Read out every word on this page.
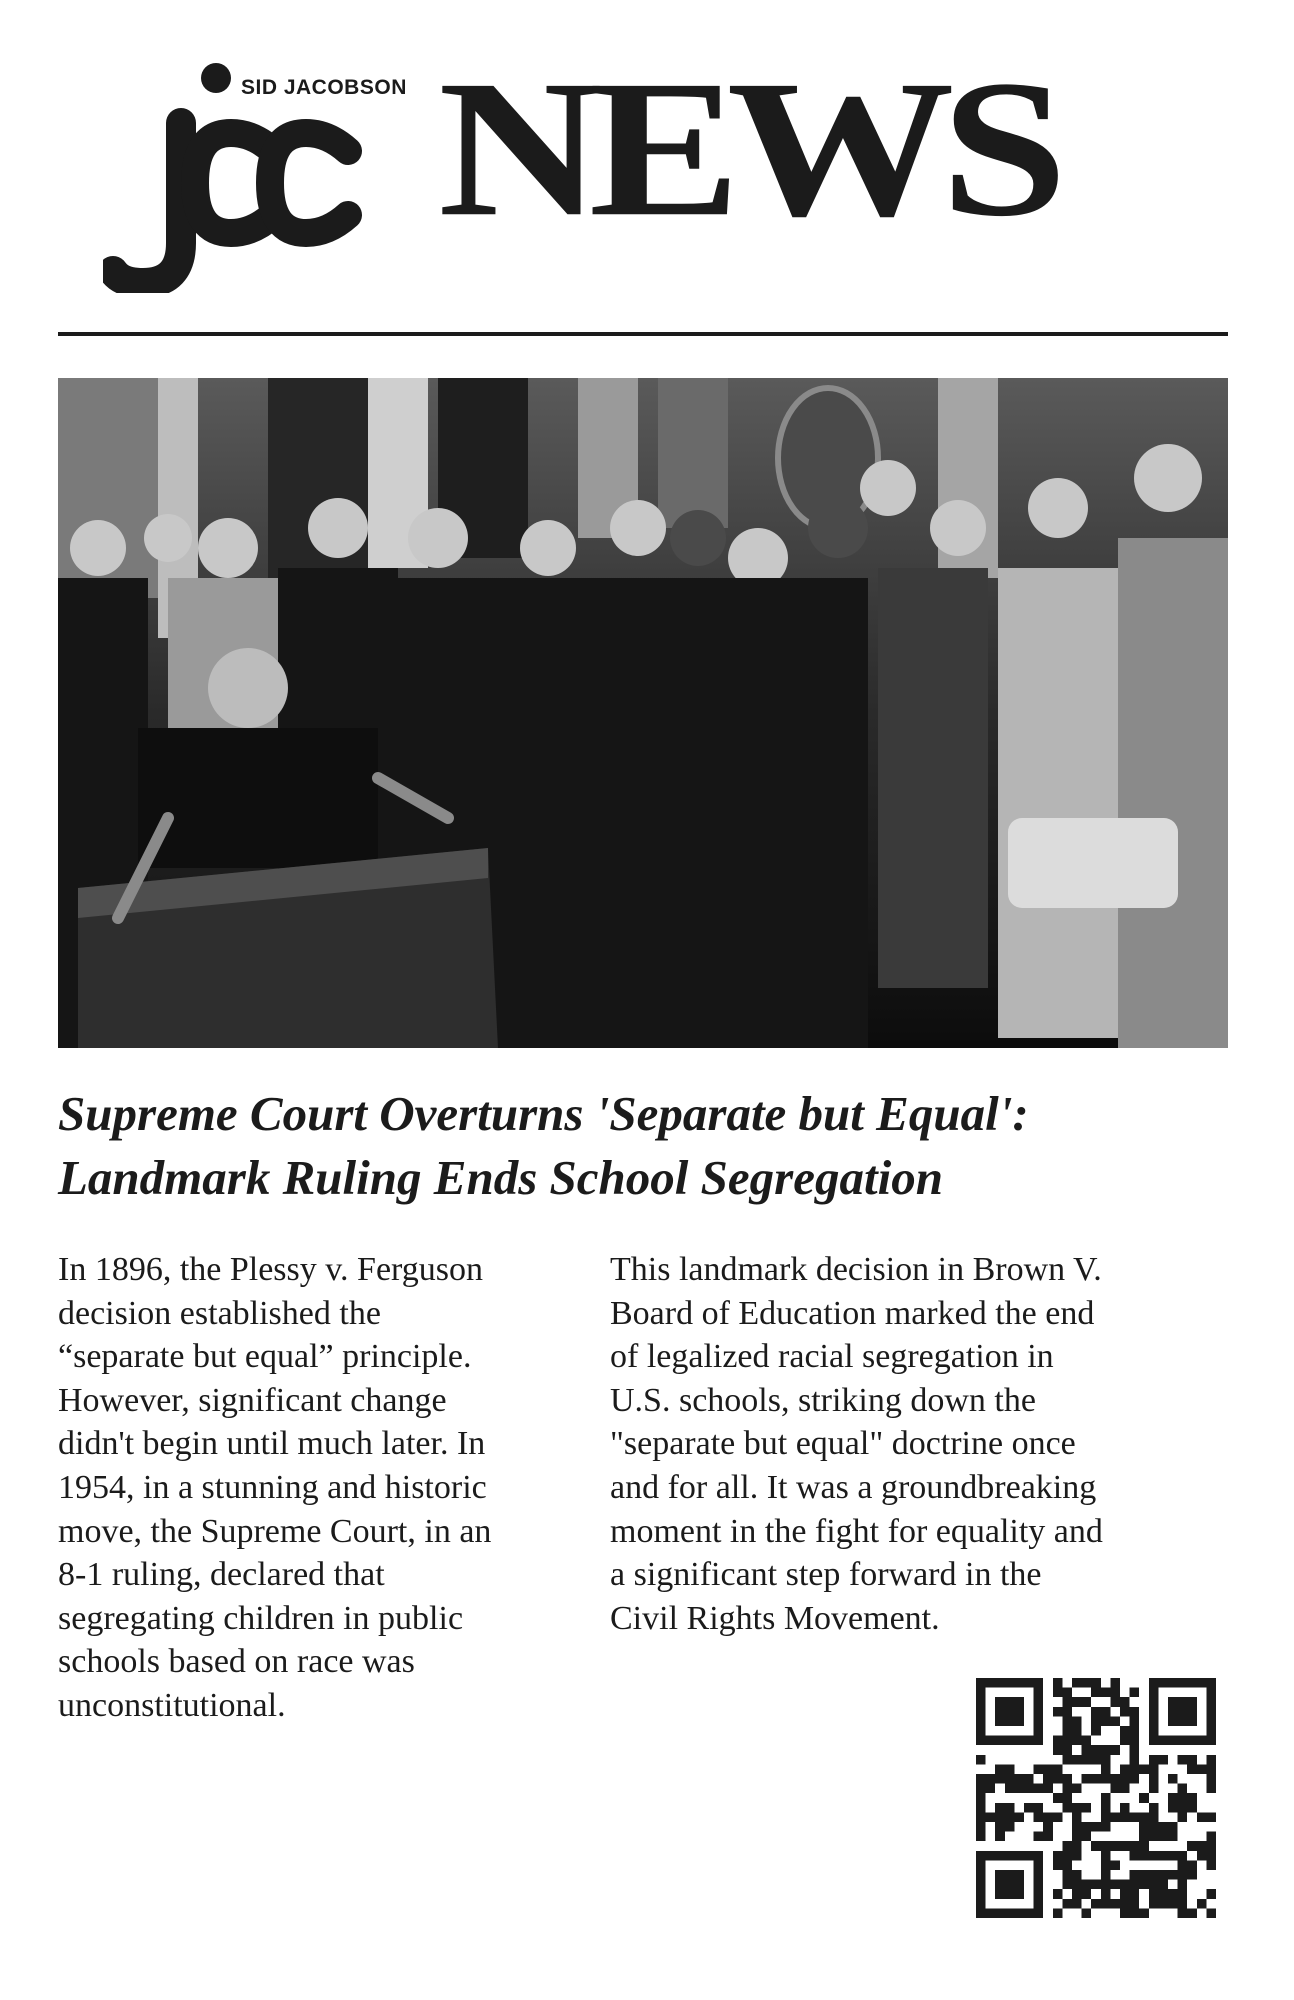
SID JACOBSON NEWS
Supreme Court Overturns 'Separate but Equal':
Landmark Ruling Ends School Segregation

In 1896, the Plessy v. Ferguson
decision established the
“separate but equal” principle.
However, significant change
didn't begin until much later. In
1954, in a stunning and historic
move, the Supreme Court, in an
8-1 ruling, declared that
segregating children in public
schools based on race was
unconstitutional.

This landmark decision in Brown V.
Board of Education marked the end
of legalized racial segregation in
U.S. schools, striking down the
"separate but equal" doctrine once
and for all. It was a groundbreaking
moment in the fight for equality and
a significant step forward in the
Civil Rights Movement.
